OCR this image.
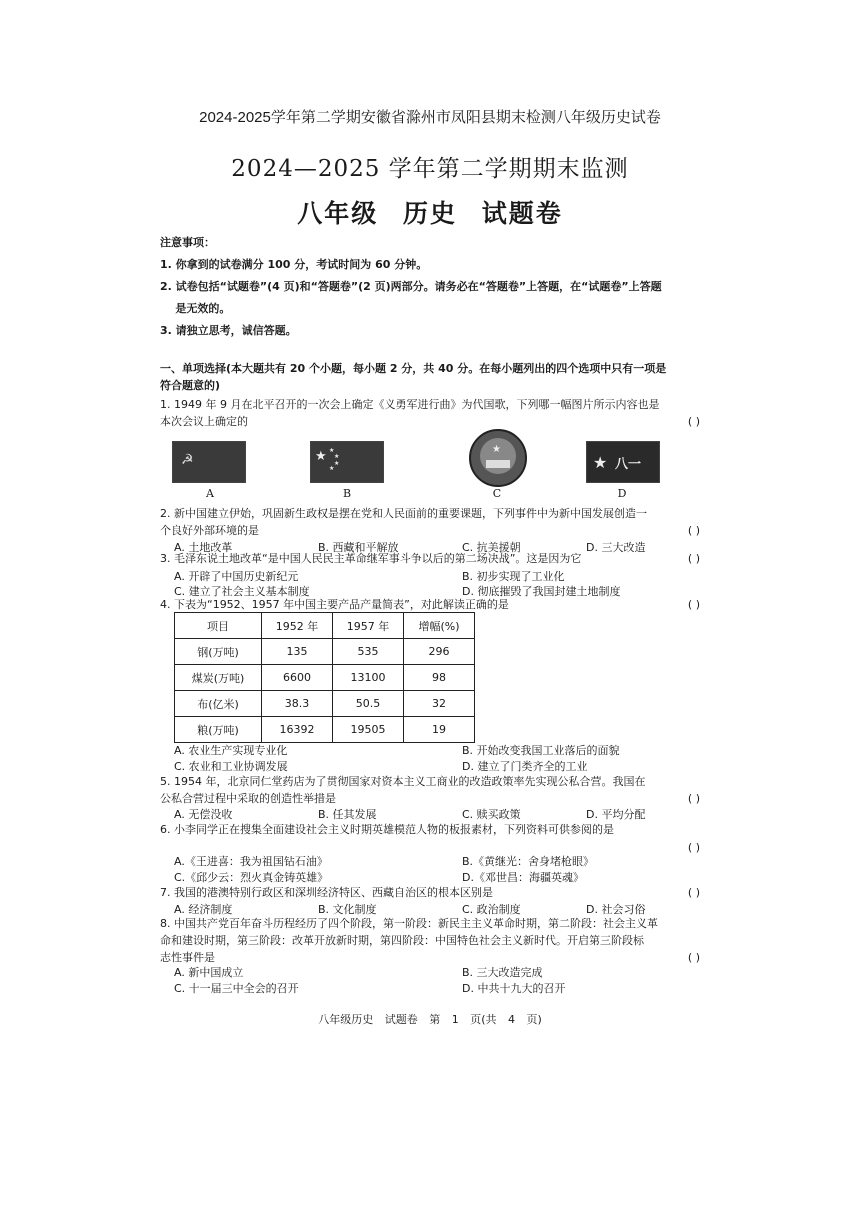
2024-2025学年第二学期安徽省滁州市凤阳县期末检测八年级历史试卷
2024—2025 学年第二学期期末监测
八年级 历史 试题卷

注意事项：

1. 你拿到的试卷满分 100 分，考试时间为 60 分钟。

2. 试卷包括“试题卷”(4 页)和“答题卷”(2 页)两部分。请务必在“答题卷”上答题，在“试题卷”上答题

是无效的。

3. 请独立思考，诚信答题。

一、单项选择(本大题共有 20 个小题，每小题 2 分，共 40 分。在每小题列出的四个选项中只有一项是
符合题意的)
1. 1949 年 9 月在北平召开的一次会上确定《义勇军进行曲》为代国歌，下列哪一幅图片所示内容也是
本次会议上确定的	( )
☭	★ ★
★
★
★
★
★ 八一
A	B	C	D
2. 新中国建立伊始，巩固新生政权是摆在党和人民面前的重要课题，下列事件中为新中国发展创造一
个良好外部环境的是	( )
A. 土地改革	B. 西藏和平解放	C. 抗美援朝	D. 三大改造
3. 毛泽东说土地改革“是中国人民民主革命继军事斗争以后的第二场决战”。这是因为它	( )
A. 开辟了中国历史新纪元	B. 初步实现了工业化
C. 建立了社会主义基本制度	D. 彻底摧毁了我国封建土地制度
4. 下表为“1952、1957 年中国主要产品产量简表”，对此解读正确的是	( )
项目	1952 年	1957 年	增幅(%)
钢(万吨)	135	535	296
煤炭(万吨)	6600	13100	98
布(亿米)	38.3	50.5	32
粮(万吨)	16392	19505	19
A. 农业生产实现专业化	B. 开始改变我国工业落后的面貌
C. 农业和工业协调发展	D. 建立了门类齐全的工业
5. 1954 年，北京同仁堂药店为了贯彻国家对资本主义工商业的改造政策率先实现公私合营。我国在
公私合营过程中采取的创造性举措是	( )
A. 无偿没收	B. 任其发展	C. 赎买政策	D. 平均分配
6. 小李同学正在搜集全面建设社会主义时期英雄模范人物的板报素材，下列资料可供参阅的是
( )
A.《王进喜：我为祖国钻石油》	B.《黄继光：舍身堵枪眼》
C.《邱少云：烈火真金铸英雄》	D.《邓世昌：海疆英魂》
7. 我国的港澳特别行政区和深圳经济特区、西藏自治区的根本区别是	( )
A. 经济制度	B. 文化制度	C. 政治制度	D. 社会习俗
8. 中国共产党百年奋斗历程经历了四个阶段，第一阶段：新民主主义革命时期，第二阶段：社会主义革
命和建设时期，第三阶段：改革开放新时期，第四阶段：中国特色社会主义新时代。开启第三阶段标
志性事件是	( )
A. 新中国成立	B. 三大改造完成
C. 十一届三中全会的召开	D. 中共十九大的召开
八年级历史 试题卷 第 1 页(共 4 页)
